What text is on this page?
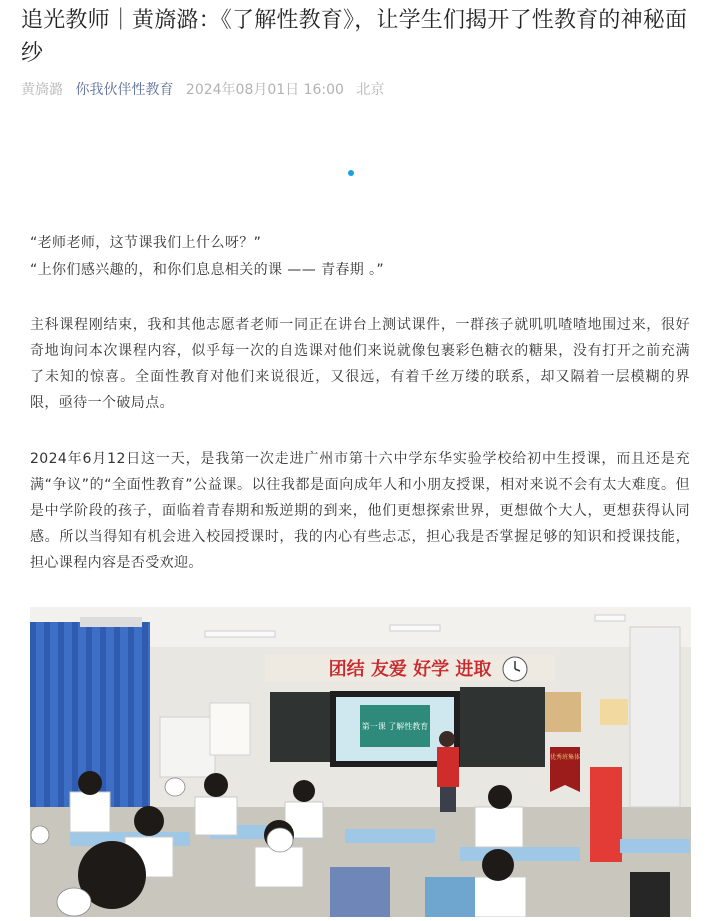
追光教师｜黄旖潞：《了解性教育》，让学生们揭开了性教育的神秘面纱
黄旖潞 你我伙伴性教育 2024年08月01日 16:00 北京

“老师老师，这节课我们上什么呀？”

“上你们感兴趣的，和你们息息相关的课 —— 青春期 。”

主科课程刚结束，我和其他志愿者老师一同正在讲台上测试课件，一群孩子就叽叽喳喳地围过来，很好奇地询问本次课程内容，似乎每一次的自选课对他们来说就像包裹彩色糖衣的糖果，没有打开之前充满了未知的惊喜。全面性教育对他们来说很近，又很远，有着千丝万缕的联系，却又隔着一层模糊的界限，亟待一个破局点。

2024年6月12日这一天，是我第一次走进广州市第十六中学东华实验学校给初中生授课，而且还是充满“争议”的“全面性教育”公益课。以往我都是面向成年人和小朋友授课，相对来说不会有太大难度。但是中学阶段的孩子，面临着青春期和叛逆期的到来，他们更想探索世界，更想做个大人，更想获得认同感。所以当得知有机会进入校园授课时，我的内心有些忐忑，担心我是否掌握足够的知识和授课技能，担心课程内容是否受欢迎。

团结 友爱 好学 进取
第一课 了解性教育
优秀班集体
